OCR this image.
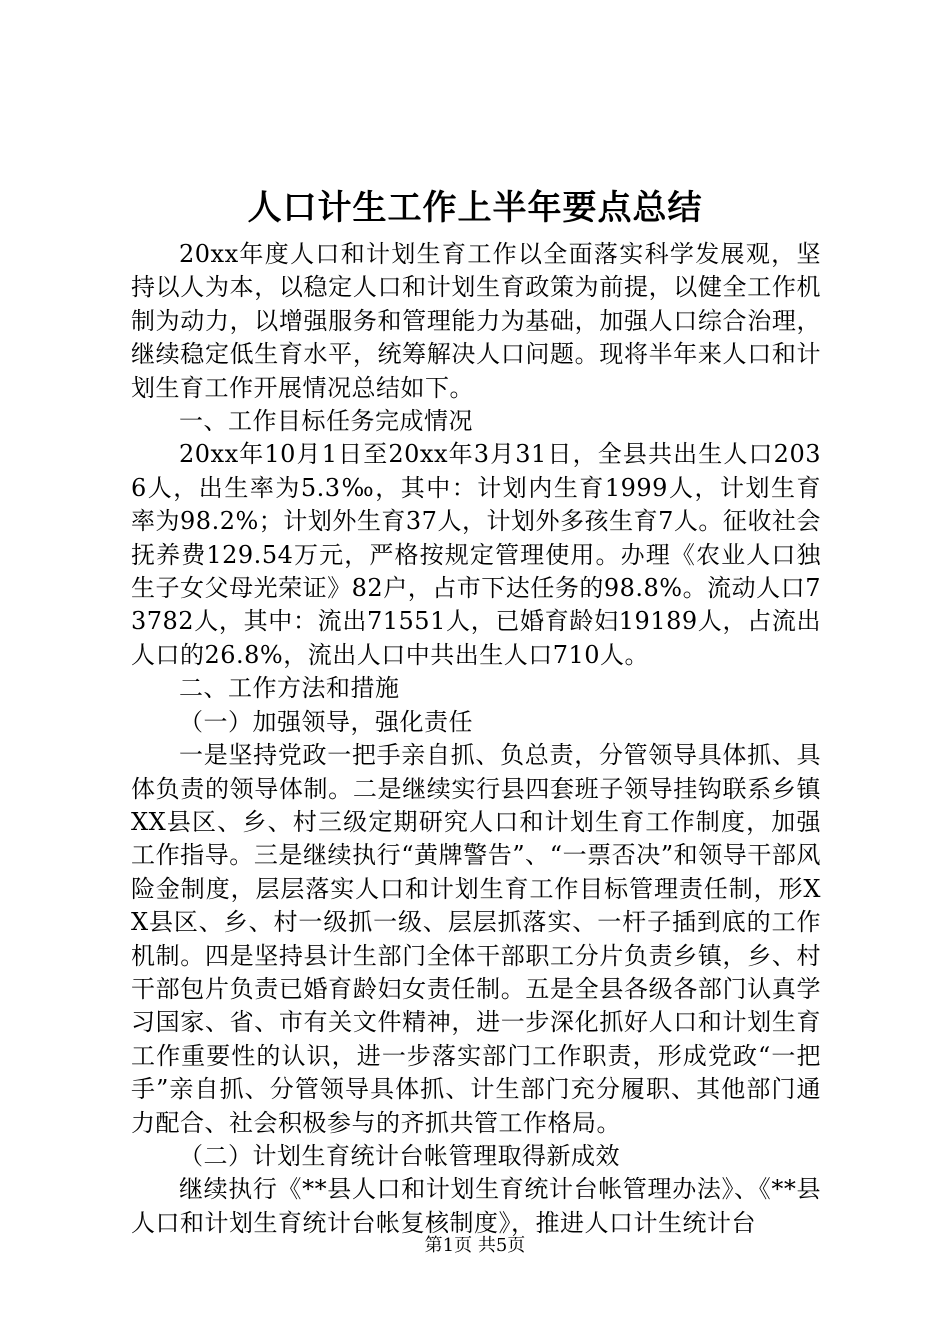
人口计生工作上半年要点总结

20xx年度人口和计划生育工作以全面落实科学发展观，坚持以人为本，以稳定人口和计划生育政策为前提，以健全工作机制为动力，以增强服务和管理能力为基础，加强人口综合治理，继续稳定低生育水平，统筹解决人口问题。现将半年来人口和计划生育工作开展情况总结如下。

一、工作目标任务完成情况

20xx年10月1日至20xx年3月31日，全县共出生人口2036人，出生率为5.3‰，其中：计划内生育1999人，计划生育率为98.2%；计划外生育37人，计划外多孩生育7人。征收社会抚养费129.54万元，严格按规定管理使用。办理《农业人口独生子女父母光荣证》82户，占市下达任务的98.8%。流动人口73782人，其中：流出71551人，已婚育龄妇19189人，占流出人口的26.8%，流出人口中共出生人口710人。

二、工作方法和措施

（一）加强领导，强化责任

一是坚持党政一把手亲自抓、负总责，分管领导具体抓、具体负责的领导体制。二是继续实行县四套班子领导挂钩联系乡镇XX县区、乡、村三级定期研究人口和计划生育工作制度，加强工作指导。三是继续执行“黄牌警告”、“一票否决”和领导干部风险金制度，层层落实人口和计划生育工作目标管理责任制，形XX县区、乡、村一级抓一级、层层抓落实、一杆子插到底的工作机制。四是坚持县计生部门全体干部职工分片负责乡镇，乡、村干部包片负责已婚育龄妇女责任制。五是全县各级各部门认真学习国家、省、市有关文件精神，进一步深化抓好人口和计划生育工作重要性的认识，进一步落实部门工作职责，形成党政“一把手”亲自抓、分管领导具体抓、计生部门充分履职、其他部门通力配合、社会积极参与的齐抓共管工作格局。

（二）计划生育统计台帐管理取得新成效

继续执行《**县人口和计划生育统计台帐管理办法》、《**县人口和计划生育统计台帐复核制度》，推进人口计生统计台

第1页 共5页
